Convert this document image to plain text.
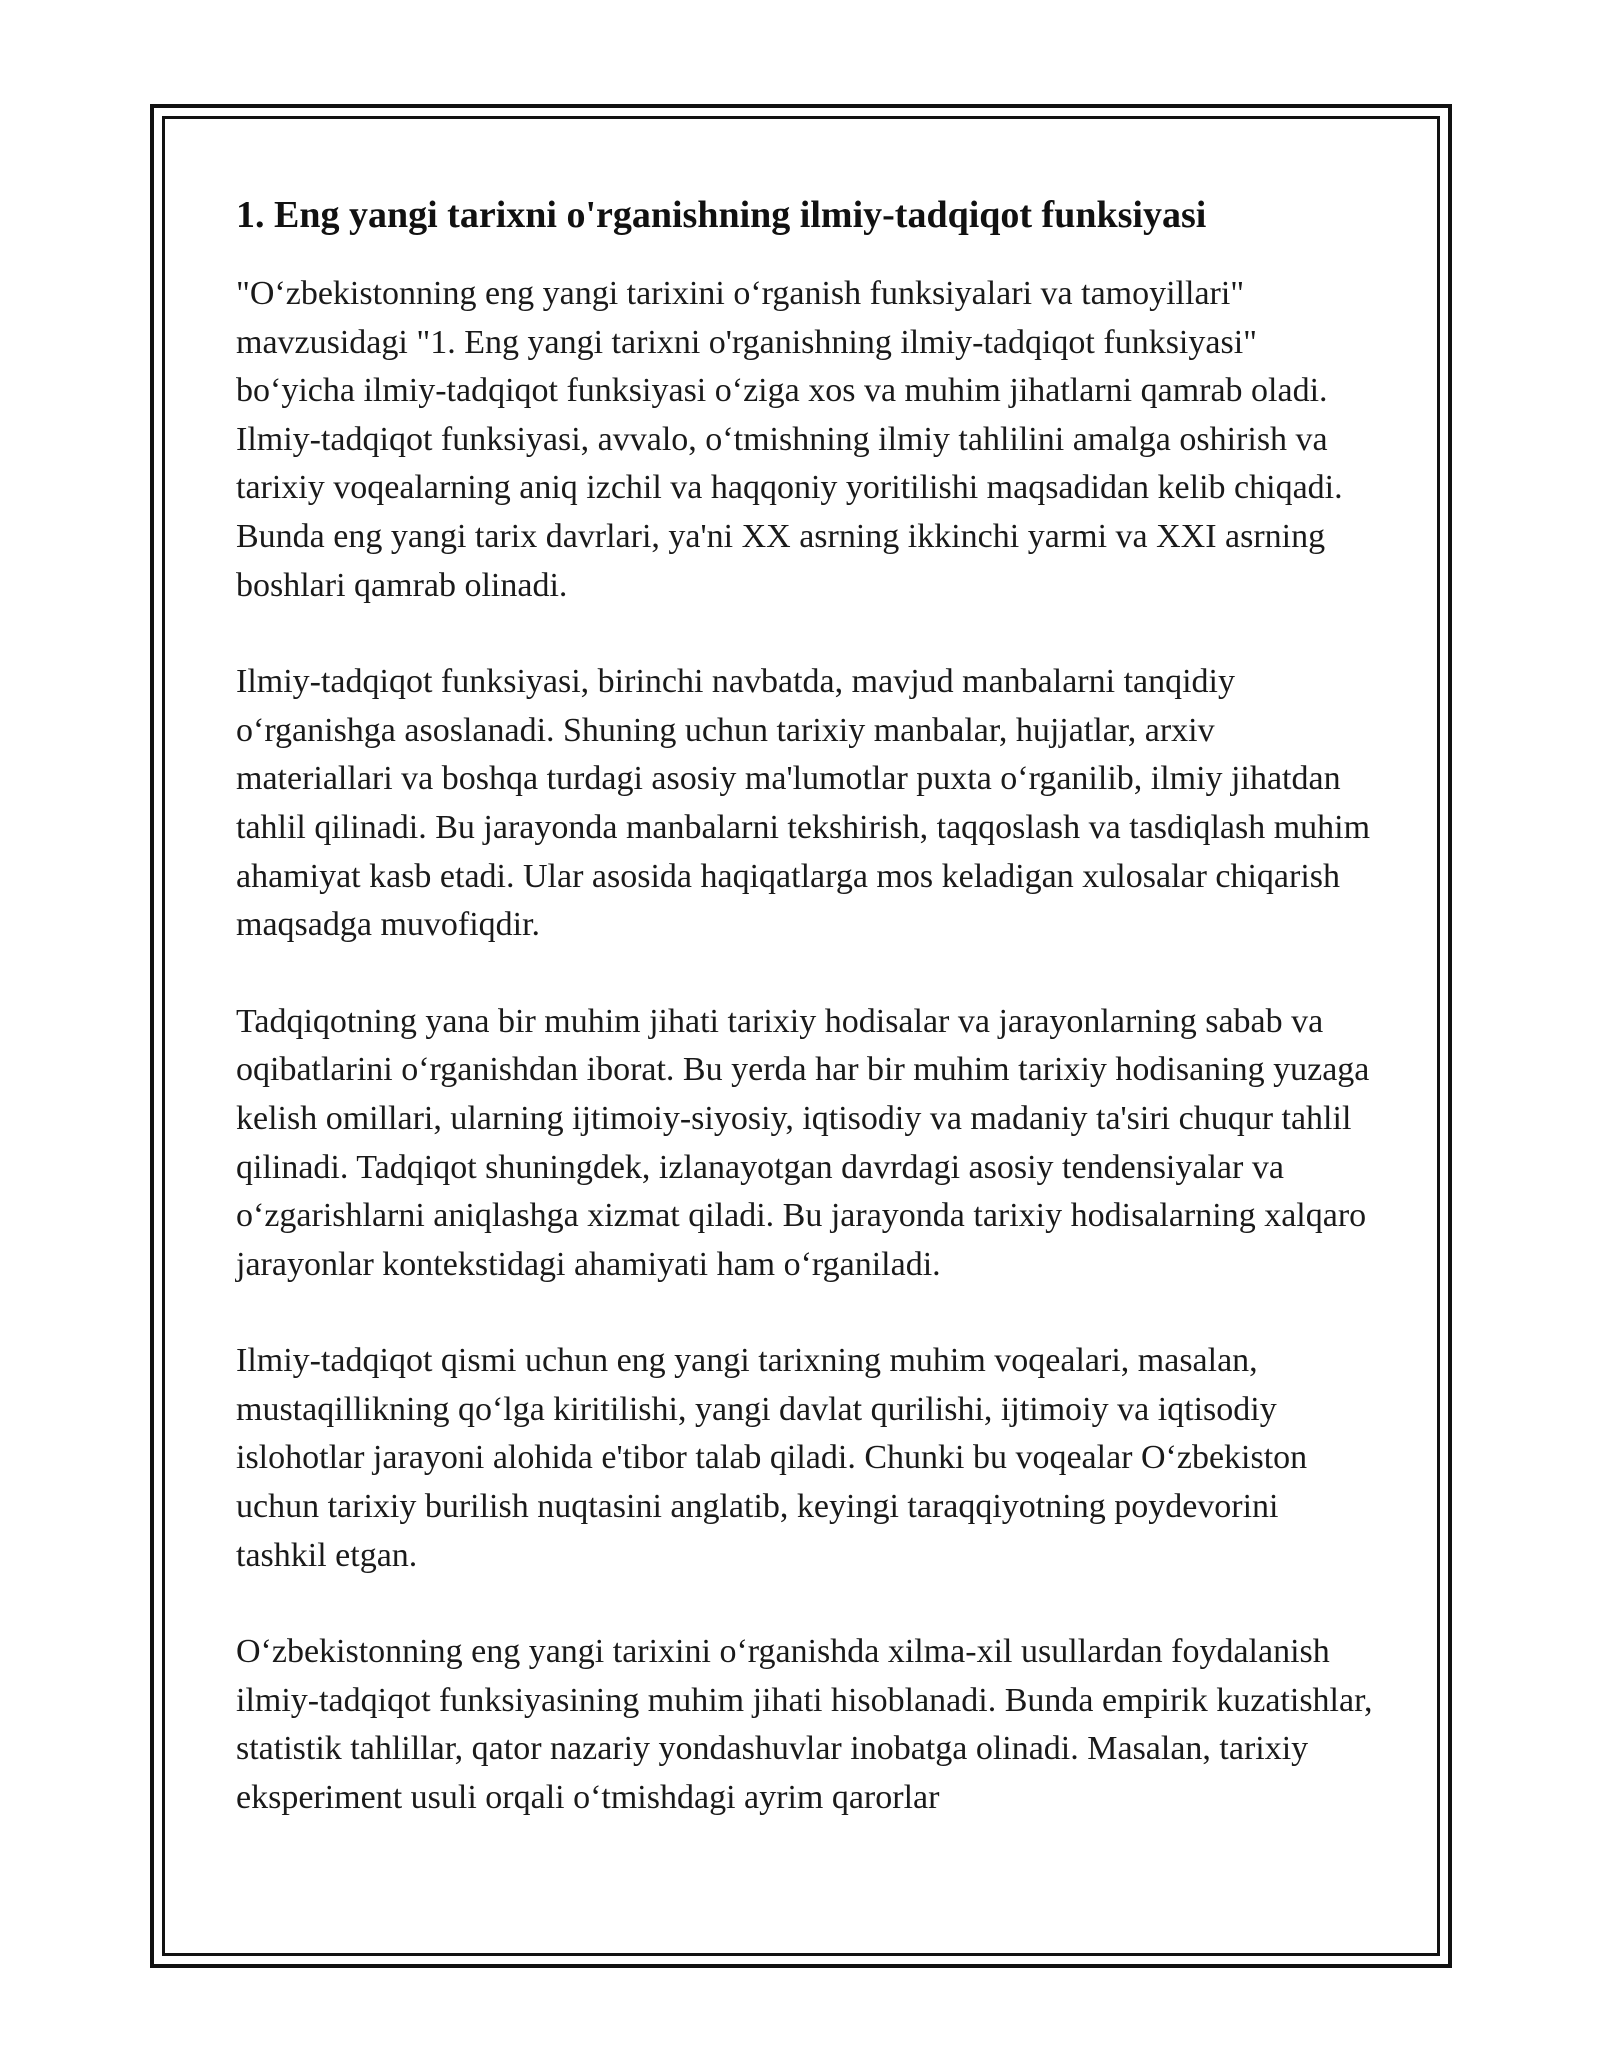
1. Eng yangi tarixni o'rganishning ilmiy-tadqiqot funksiyasi

"O‘zbekistonning eng yangi tarixini o‘rganish funksiyalari va tamoyillari" mavzusidagi "1. Eng yangi tarixni o'rganishning ilmiy-tadqiqot funksiyasi" bo‘yicha ilmiy-tadqiqot funksiyasi o‘ziga xos va muhim jihatlarni qamrab oladi. Ilmiy-tadqiqot funksiyasi, avvalo, o‘tmishning ilmiy tahlilini amalga oshirish va tarixiy voqealarning aniq izchil va haqqoniy yoritilishi maqsadidan kelib chiqadi. Bunda eng yangi tarix davrlari, ya'ni XX asrning ikkinchi yarmi va XXI asrning boshlari qamrab olinadi.

Ilmiy-tadqiqot funksiyasi, birinchi navbatda, mavjud manbalarni tanqidiy o‘rganishga asoslanadi. Shuning uchun tarixiy manbalar, hujjatlar, arxiv materiallari va boshqa turdagi asosiy ma'lumotlar puxta o‘rganilib, ilmiy jihatdan tahlil qilinadi. Bu jarayonda manbalarni tekshirish, taqqoslash va tasdiqlash muhim ahamiyat kasb etadi. Ular asosida haqiqatlarga mos keladigan xulosalar chiqarish maqsadga muvofiqdir.

Tadqiqotning yana bir muhim jihati tarixiy hodisalar va jarayonlarning sabab va oqibatlarini o‘rganishdan iborat. Bu yerda har bir muhim tarixiy hodisaning yuzaga kelish omillari, ularning ijtimoiy-siyosiy, iqtisodiy va madaniy ta'siri chuqur tahlil qilinadi. Tadqiqot shuningdek, izlanayotgan davrdagi asosiy tendensiyalar va o‘zgarishlarni aniqlashga xizmat qiladi. Bu jarayonda tarixiy hodisalarning xalqaro jarayonlar kontekstidagi ahamiyati ham o‘rganiladi.

Ilmiy-tadqiqot qismi uchun eng yangi tarixning muhim voqealari, masalan, mustaqillikning qo‘lga kiritilishi, yangi davlat qurilishi, ijtimoiy va iqtisodiy islohotlar jarayoni alohida e'tibor talab qiladi. Chunki bu voqealar O‘zbekiston uchun tarixiy burilish nuqtasini anglatib, keyingi taraqqiyotning poydevorini tashkil etgan.

O‘zbekistonning eng yangi tarixini o‘rganishda xilma-xil usullardan foydalanish ilmiy-tadqiqot funksiyasining muhim jihati hisoblanadi. Bunda empirik kuzatishlar, statistik tahlillar, qator nazariy yondashuvlar inobatga olinadi. Masalan, tarixiy eksperiment usuli orqali o‘tmishdagi ayrim qarorlar
